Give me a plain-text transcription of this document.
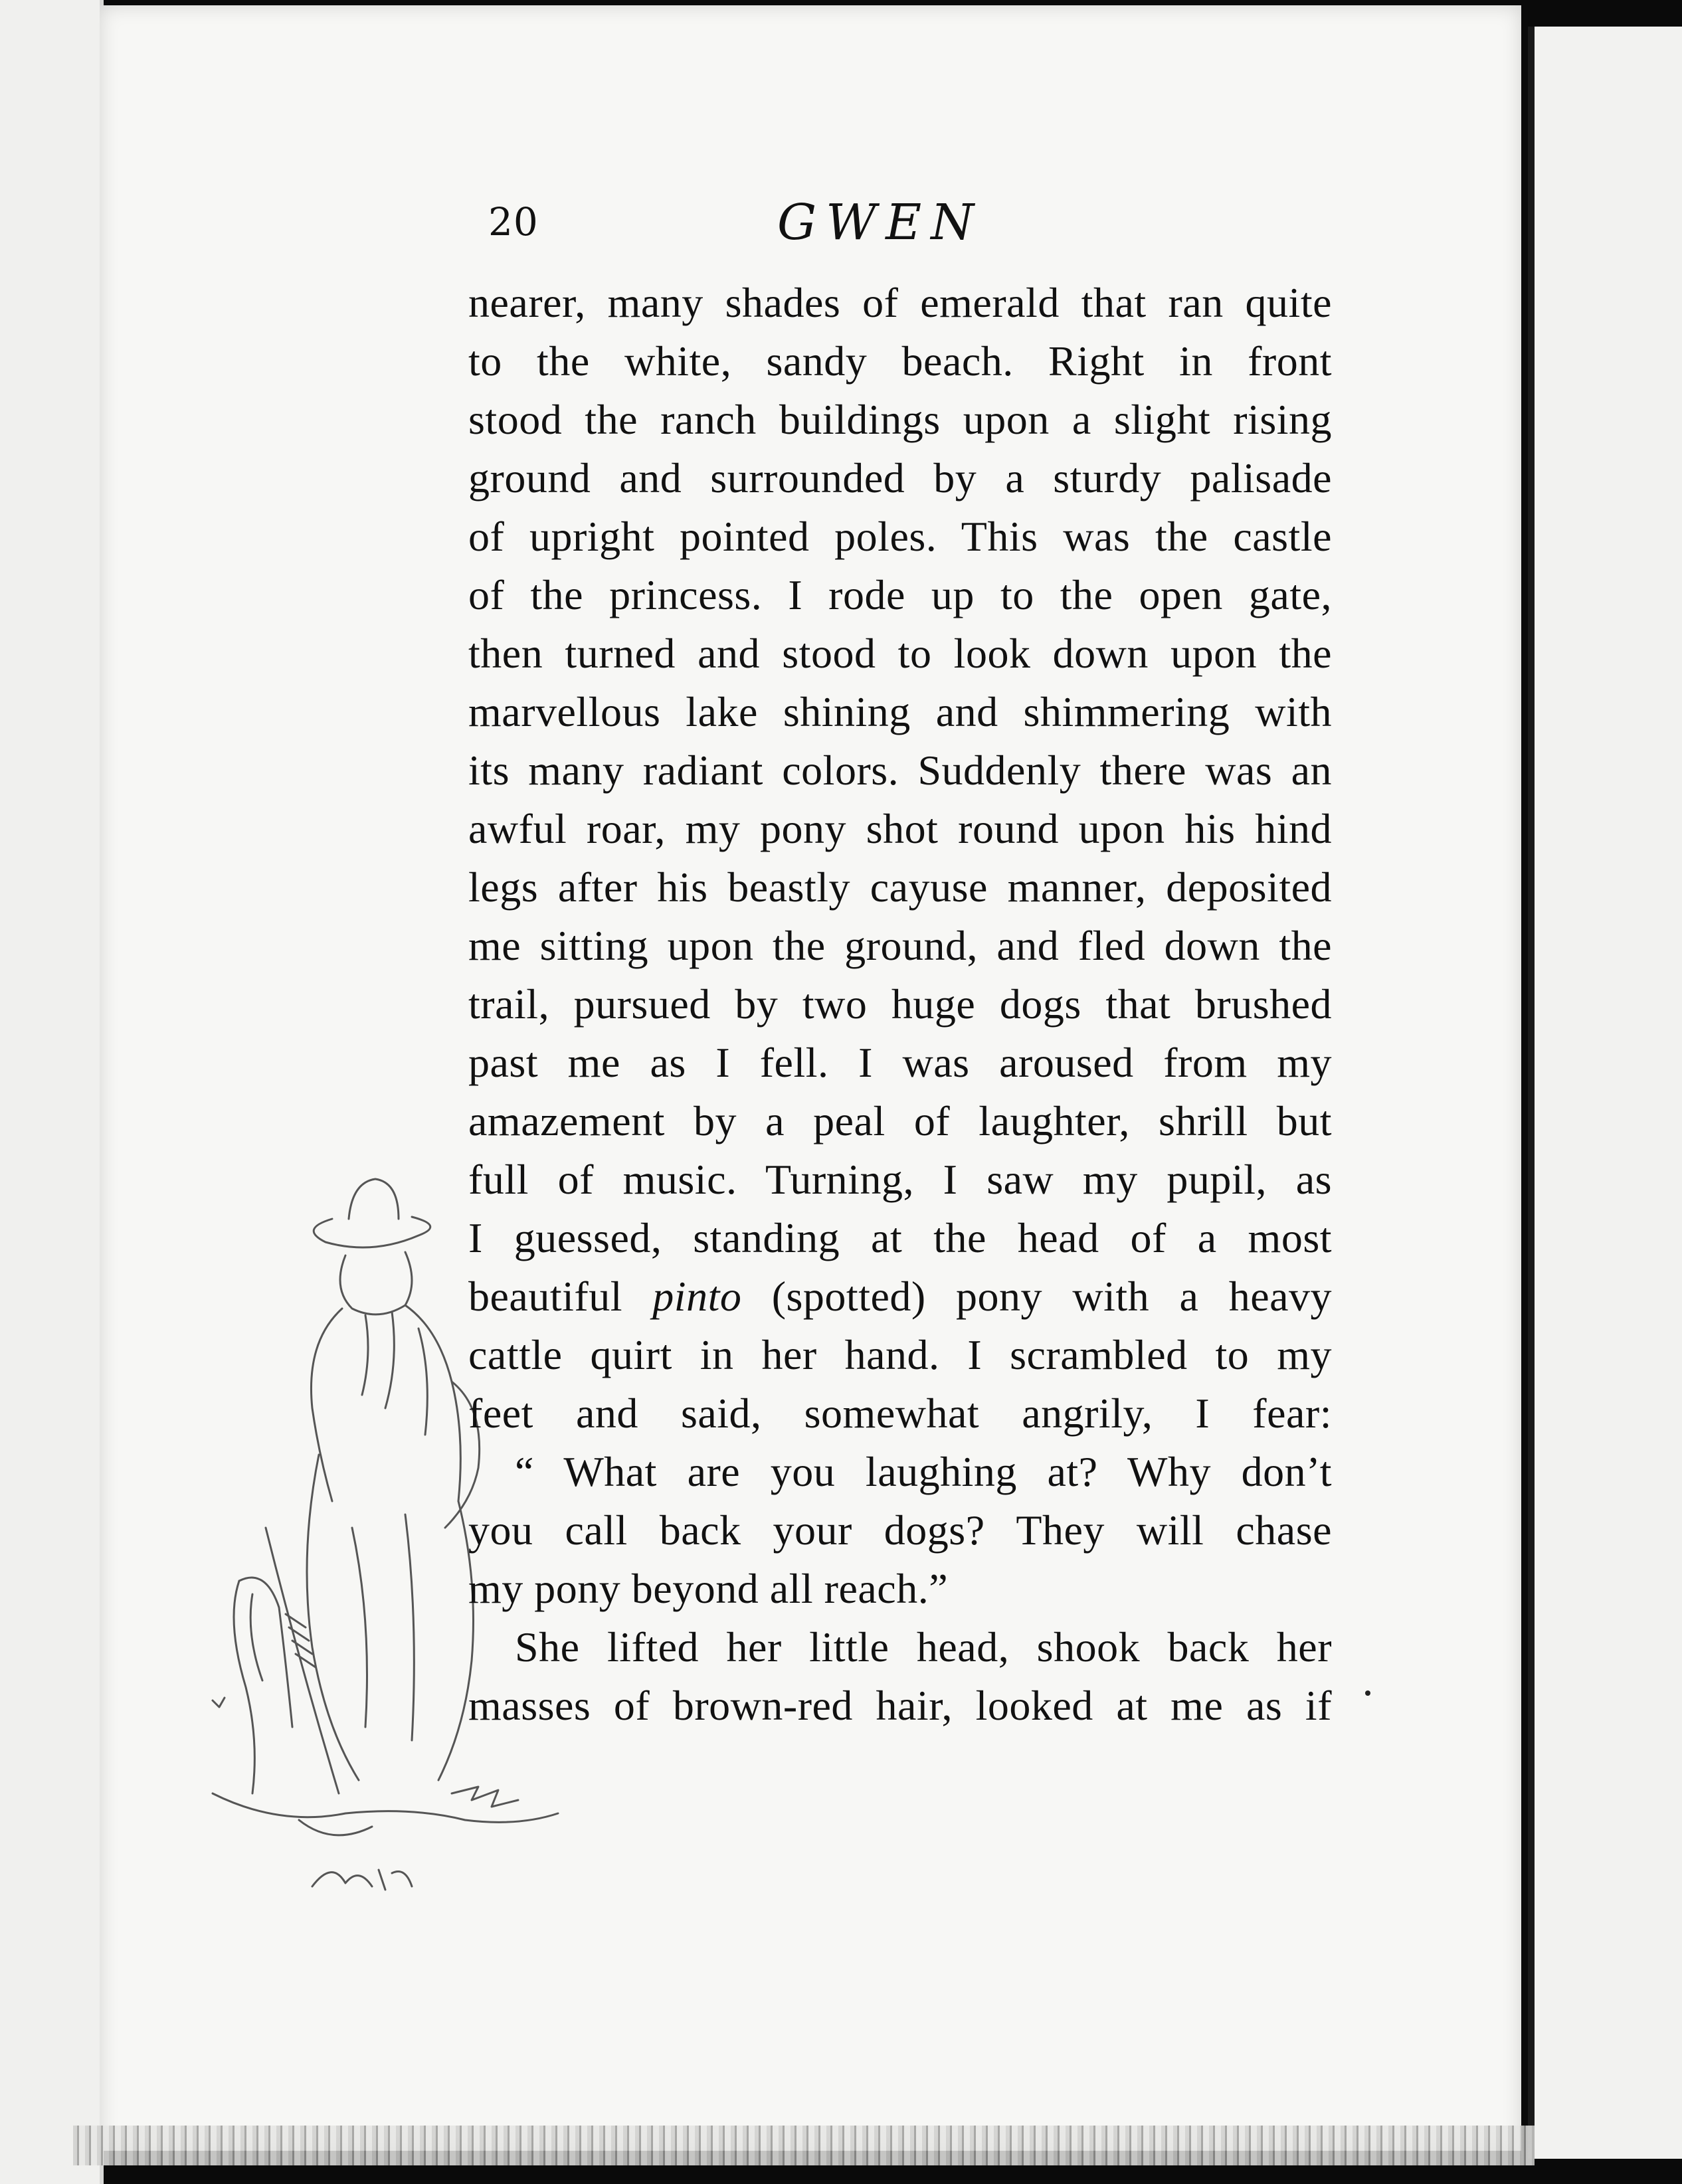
20	GWEN
nearer, many shades of emerald that ran quite
to the white, sandy beach. Right in front
stood the ranch buildings upon a slight rising
ground and surrounded by a sturdy palisade
of upright pointed poles. This was the castle
of the princess. I rode up to the open gate,
then turned and stood to look down upon the
marvellous lake shining and shimmering with
its many radiant colors. Suddenly there was an
awful roar, my pony shot round upon his hind
legs after his beastly cayuse manner, deposited
me sitting upon the ground, and fled down the
trail, pursued by two huge dogs that brushed
past me as I fell. I was aroused from my
amazement by a peal of laughter, shrill but
full of music. Turning, I saw my pupil, as
I guessed, standing at the head of a most
beautiful pinto (spotted) pony with a heavy
cattle quirt in her hand. I scrambled to my
feet and said, somewhat angrily, I fear:
“ What are you laughing at? Why don’t
you call back your dogs? They will chase
my pony beyond all reach.”
She lifted her little head, shook back her
masses of brown-red hair, looked at me as if
